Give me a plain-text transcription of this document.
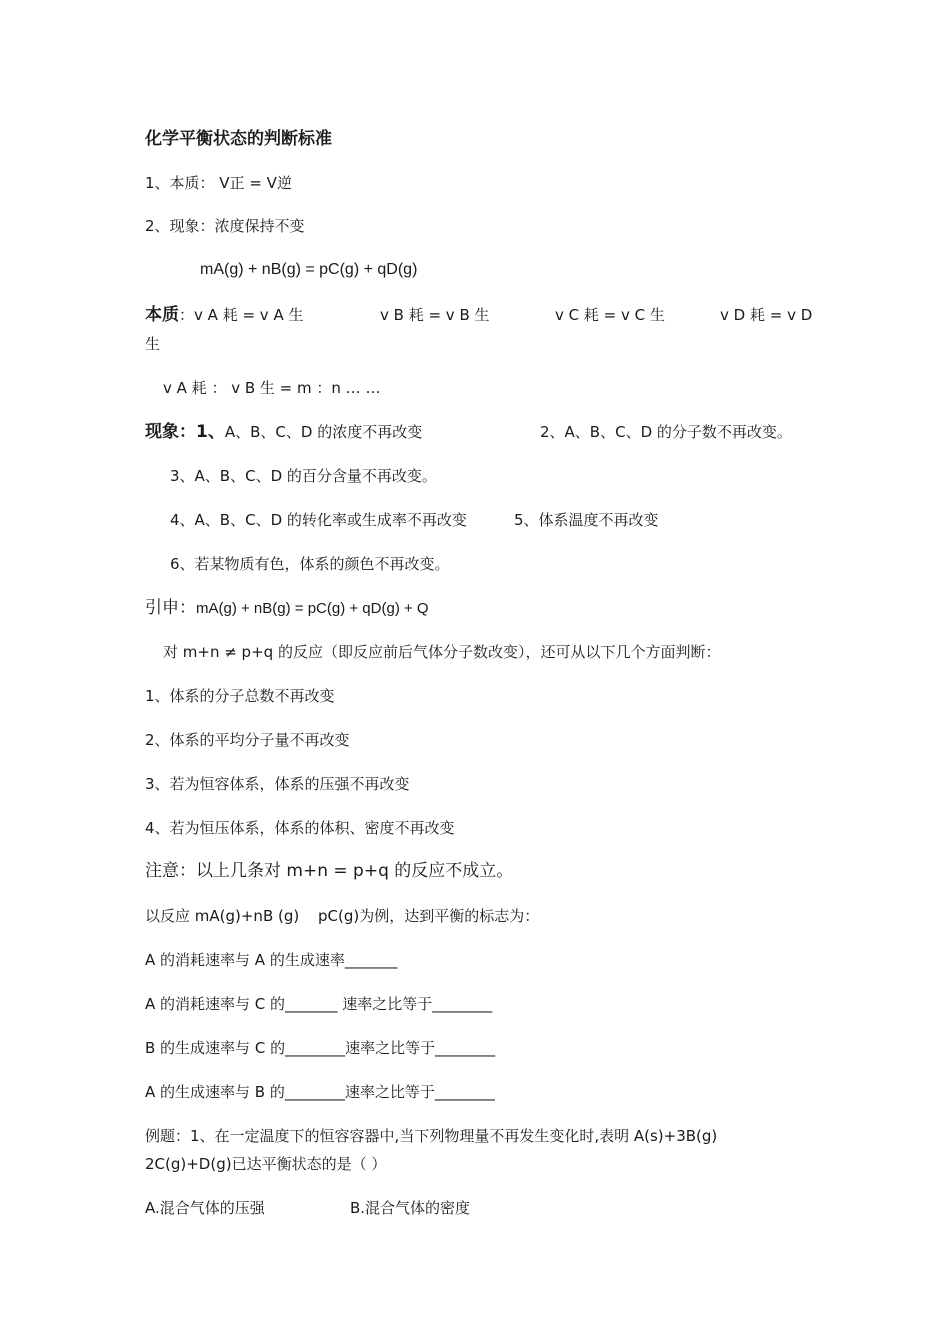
化学平衡状态的判断标准
1、本质： V正 = V逆
2、现象：浓度保持不变
mA(g) + nB(g) = pC(g) + qD(g)
本质：v A 耗 = v A 生	v B 耗 = v B 生	v C 耗 = v C 生	v D 耗 = v D
生
v A 耗 ： v B 生 = m ：n … …
现象：1、A、B、C、D 的浓度不再改变	2、A、B、C、D 的分子数不再改变。
3、A、B、C、D 的百分含量不再改变。
4、A、B、C、D 的转化率或生成率不再改变	5、体系温度不再改变
6、若某物质有色，体系的颜色不再改变。
引申：mA(g) + nB(g) = pC(g) + qD(g) + Q
对 m+n ≠ p+q 的反应（即反应前后气体分子数改变），还可从以下几个方面判断：
1、体系的分子总数不再改变
2、体系的平均分子量不再改变
3、若为恒容体系，体系的压强不再改变
4、若为恒压体系，体系的体积、密度不再改变
注意：以上几条对 m+n = p+q 的反应不成立。
以反应 mA(g)+nB (g) pC(g)为例，达到平衡的标志为：
A 的消耗速率与 A 的生成速率_______
A 的消耗速率与 C 的_______ 速率之比等于________
B 的生成速率与 C 的________速率之比等于________
A 的生成速率与 B 的________速率之比等于________
例题：1、在一定温度下的恒容容器中,当下列物理量不再发生变化时,表明 A(s)+3B(g)
2C(g)+D(g)已达平衡状态的是（ ）
A.混合气体的压强	B.混合气体的密度
